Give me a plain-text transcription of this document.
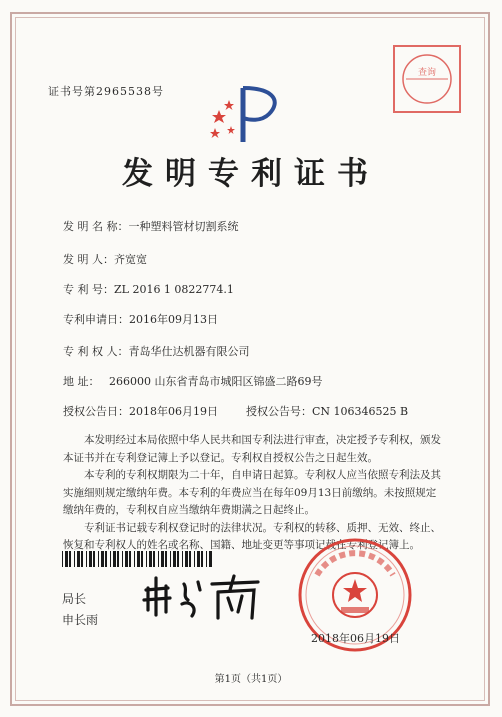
证书号第2965538号
查询
发明专利证书
发 明 名 称：一种塑料管材切割系统
发 明 人：齐宽宽
专 利 号：ZL 2016 1 0822774.1
专利申请日：2016年09月13日
专 利 权 人：青岛华仕达机器有限公司
地 址： 266000 山东省青岛市城阳区锦盛二路69号
授权公告日：2018年06月19日	授权公告号：CN 106346525 B

本发明经过本局依照中华人民共和国专利法进行审查，决定授予专利权，颁发本证书并在专利登记簿上予以登记。专利权自授权公告之日起生效。

本专利的专利权期限为二十年，自申请日起算。专利权人应当依照专利法及其实施细则规定缴纳年费。本专利的年费应当在每年09月13日前缴纳。未按照规定缴纳年费的，专利权自应当缴纳年费期满之日起终止。

专利证书记载专利权登记时的法律状况。专利权的转移、质押、无效、终止、恢复和专利权人的姓名或名称、国籍、地址变更等事项记载在专利登记簿上。

局长
申长雨
2018年06月19日
第1页（共1页）
